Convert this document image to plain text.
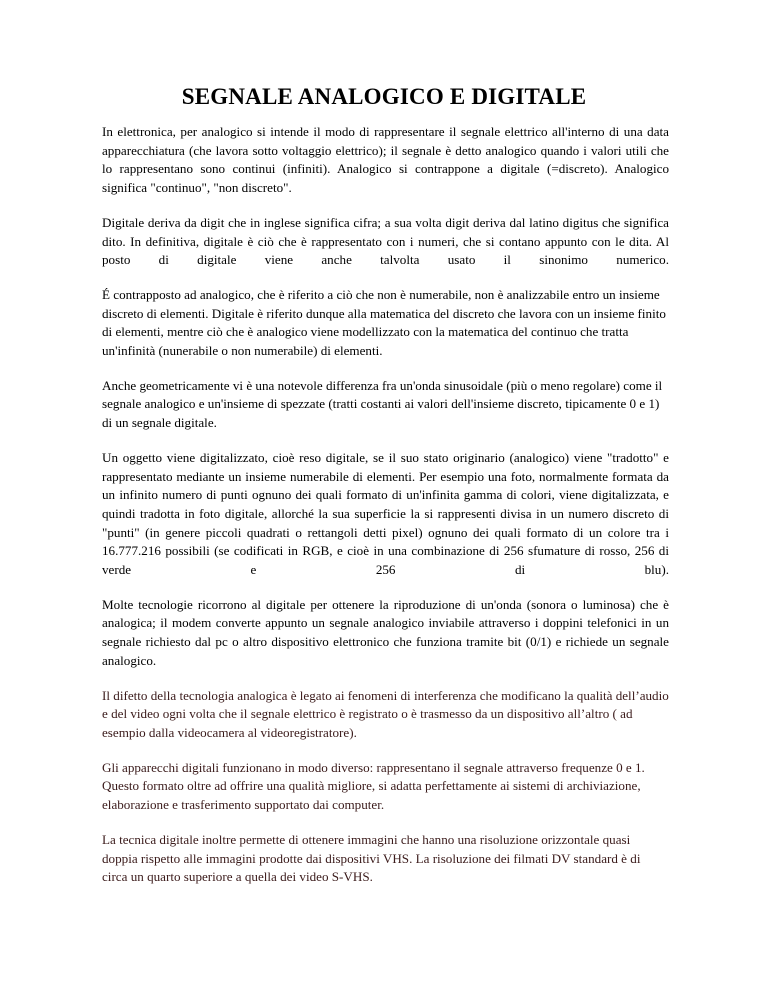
SEGNALE ANALOGICO E DIGITALE

In elettronica, per analogico si intende il modo di rappresentare il segnale elettrico all'interno di una data apparecchiatura (che lavora sotto voltaggio elettrico); il segnale è detto analogico quando i valori utili che lo rappresentano sono continui (infiniti). Analogico si contrappone a digitale (=discreto). Analogico significa "continuo", "non discreto".

Digitale deriva da digit che in inglese significa cifra; a sua volta digit deriva dal latino digitus che significa dito. In definitiva, digitale è ciò che è rappresentato con i numeri, che si contano appunto con le dita. Al posto di digitale viene anche talvolta usato il sinonimo numerico.

É contrapposto ad analogico, che è riferito a ciò che non è numerabile, non è analizzabile entro un insieme discreto di elementi. Digitale è riferito dunque alla matematica del discreto che lavora con un insieme finito di elementi, mentre ciò che è analogico viene modellizzato con la matematica del continuo che tratta un'infinità (nunerabile o non numerabile) di elementi.

Anche geometricamente vi è una notevole differenza fra un'onda sinusoidale (più o meno regolare) come il segnale analogico e un'insieme di spezzate (tratti costanti ai valori dell'insieme discreto, tipicamente 0 e 1) di un segnale digitale.

Un oggetto viene digitalizzato, cioè reso digitale, se il suo stato originario (analogico) viene "tradotto" e rappresentato mediante un insieme numerabile di elementi. Per esempio una foto, normalmente formata da un infinito numero di punti ognuno dei quali formato di un'infinita gamma di colori, viene digitalizzata, e quindi tradotta in foto digitale, allorché la sua superficie la si rappresenti divisa in un numero discreto di "punti" (in genere piccoli quadrati o rettangoli detti pixel) ognuno dei quali formato di un colore tra i 16.777.216 possibili (se codificati in RGB, e cioè in una combinazione di 256 sfumature di rosso, 256 di verde e 256 di blu).

Molte tecnologie ricorrono al digitale per ottenere la riproduzione di un'onda (sonora o luminosa) che è analogica; il modem converte appunto un segnale analogico inviabile attraverso i doppini telefonici in un segnale richiesto dal pc o altro dispositivo elettronico che funziona tramite bit (0/1) e richiede un segnale analogico.

Il difetto della tecnologia analogica è legato ai fenomeni di interferenza che modificano la qualità dell’audio e del video ogni volta che il segnale elettrico è registrato o è trasmesso da un dispositivo all’altro ( ad esempio dalla videocamera al videoregistratore).

Gli apparecchi digitali funzionano in modo diverso: rappresentano il segnale attraverso frequenze 0 e 1. Questo formato oltre ad offrire una qualità migliore, si adatta perfettamente ai sistemi di archiviazione, elaborazione e trasferimento supportato dai computer.

La tecnica digitale inoltre permette di ottenere immagini che hanno una risoluzione orizzontale quasi doppia rispetto alle immagini prodotte dai dispositivi VHS. La risoluzione dei filmati DV standard è di circa un quarto superiore a quella dei video S-VHS.
